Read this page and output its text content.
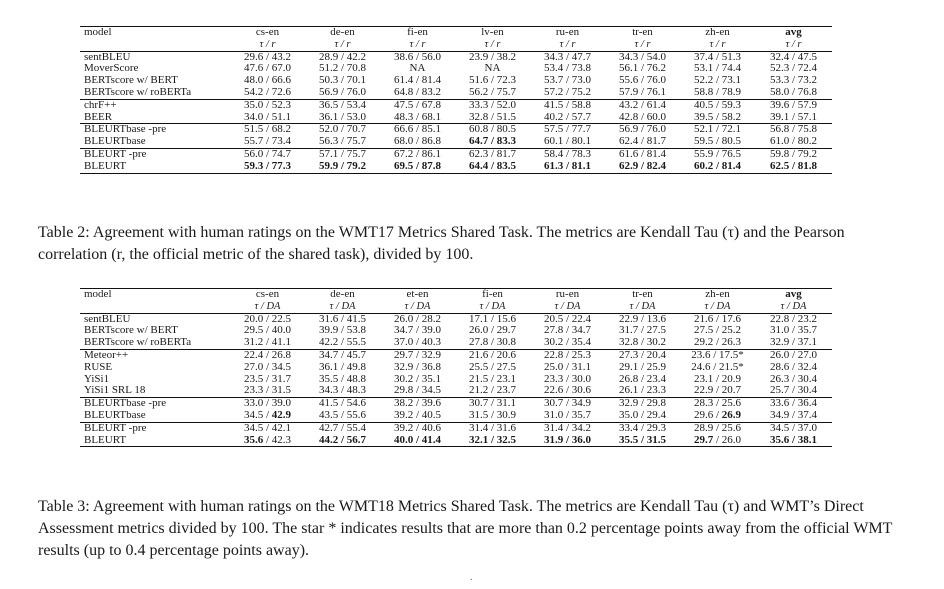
model	cs-en	de-en	fi-en	lv-en	ru-en	tr-en	zh-en	avg
	τ / r	τ / r	τ / r	τ / r	τ / r	τ / r	τ / r	τ / r
sentBLEU	29.6 / 43.2	28.9 / 42.2	38.6 / 56.0	23.9 / 38.2	34.3 / 47.7	34.3 / 54.0	37.4 / 51.3	32.4 / 47.5
MoverScore	47.6 / 67.0	51.2 / 70.8	NA	NA	53.4 / 73.8	56.1 / 76.2	53.1 / 74.4	52.3 / 72.4
BERTscore w/ BERT	48.0 / 66.6	50.3 / 70.1	61.4 / 81.4	51.6 / 72.3	53.7 / 73.0	55.6 / 76.0	52.2 / 73.1	53.3 / 73.2
BERTscore w/ roBERTa	54.2 / 72.6	56.9 / 76.0	64.8 / 83.2	56.2 / 75.7	57.2 / 75.2	57.9 / 76.1	58.8 / 78.9	58.0 / 76.8
chrF++	35.0 / 52.3	36.5 / 53.4	47.5 / 67.8	33.3 / 52.0	41.5 / 58.8	43.2 / 61.4	40.5 / 59.3	39.6 / 57.9
BEER	34.0 / 51.1	36.1 / 53.0	48.3 / 68.1	32.8 / 51.5	40.2 / 57.7	42.8 / 60.0	39.5 / 58.2	39.1 / 57.1
BLEURTbase -pre	51.5 / 68.2	52.0 / 70.7	66.6 / 85.1	60.8 / 80.5	57.5 / 77.7	56.9 / 76.0	52.1 / 72.1	56.8 / 75.8
BLEURTbase	55.7 / 73.4	56.3 / 75.7	68.0 / 86.8	64.7 / 83.3	60.1 / 80.1	62.4 / 81.7	59.5 / 80.5	61.0 / 80.2
BLEURT -pre	56.0 / 74.7	57.1 / 75.7	67.2 / 86.1	62.3 / 81.7	58.4 / 78.3	61.6 / 81.4	55.9 / 76.5	59.8 / 79.2
BLEURT	59.3 / 77.3	59.9 / 79.2	69.5 / 87.8	64.4 / 83.5	61.3 / 81.1	62.9 / 82.4	60.2 / 81.4	62.5 / 81.8

Table 2: Agreement with human ratings on the WMT17 Metrics Shared Task. The metrics are Kendall Tau (τ) and the Pearson correlation (r, the official metric of the shared task), divided by 100.

model	cs-en	de-en	et-en	fi-en	ru-en	tr-en	zh-en	avg
	τ / DA	τ / DA	τ / DA	τ / DA	τ / DA	τ / DA	τ / DA	τ / DA
sentBLEU	20.0 / 22.5	31.6 / 41.5	26.0 / 28.2	17.1 / 15.6	20.5 / 22.4	22.9 / 13.6	21.6 / 17.6	22.8 / 23.2
BERTscore w/ BERT	29.5 / 40.0	39.9 / 53.8	34.7 / 39.0	26.0 / 29.7	27.8 / 34.7	31.7 / 27.5	27.5 / 25.2	31.0 / 35.7
BERTscore w/ roBERTa	31.2 / 41.1	42.2 / 55.5	37.0 / 40.3	27.8 / 30.8	30.2 / 35.4	32.8 / 30.2	29.2 / 26.3	32.9 / 37.1
Meteor++	22.4 / 26.8	34.7 / 45.7	29.7 / 32.9	21.6 / 20.6	22.8 / 25.3	27.3 / 20.4	23.6 / 17.5*	26.0 / 27.0
RUSE	27.0 / 34.5	36.1 / 49.8	32.9 / 36.8	25.5 / 27.5	25.0 / 31.1	29.1 / 25.9	24.6 / 21.5*	28.6 / 32.4
YiSi1	23.5 / 31.7	35.5 / 48.8	30.2 / 35.1	21.5 / 23.1	23.3 / 30.0	26.8 / 23.4	23.1 / 20.9	26.3 / 30.4
YiSi1 SRL 18	23.3 / 31.5	34.3 / 48.3	29.8 / 34.5	21.2 / 23.7	22.6 / 30.6	26.1 / 23.3	22.9 / 20.7	25.7 / 30.4
BLEURTbase -pre	33.0 / 39.0	41.5 / 54.6	38.2 / 39.6	30.7 / 31.1	30.7 / 34.9	32.9 / 29.8	28.3 / 25.6	33.6 / 36.4
BLEURTbase	34.5 / 42.9	43.5 / 55.6	39.2 / 40.5	31.5 / 30.9	31.0 / 35.7	35.0 / 29.4	29.6 / 26.9	34.9 / 37.4
BLEURT -pre	34.5 / 42.1	42.7 / 55.4	39.2 / 40.6	31.4 / 31.6	31.4 / 34.2	33.4 / 29.3	28.9 / 25.6	34.5 / 37.0
BLEURT	35.6 / 42.3	44.2 / 56.7	40.0 / 41.4	32.1 / 32.5	31.9 / 36.0	35.5 / 31.5	29.7 / 26.0	35.6 / 38.1

Table 3: Agreement with human ratings on the WMT18 Metrics Shared Task. The metrics are Kendall Tau (τ) and WMT’s Direct Assessment metrics divided by 100. The star * indicates results that are more than 0.2 percentage points away from the official WMT results (up to 0.4 percentage points away).

.
